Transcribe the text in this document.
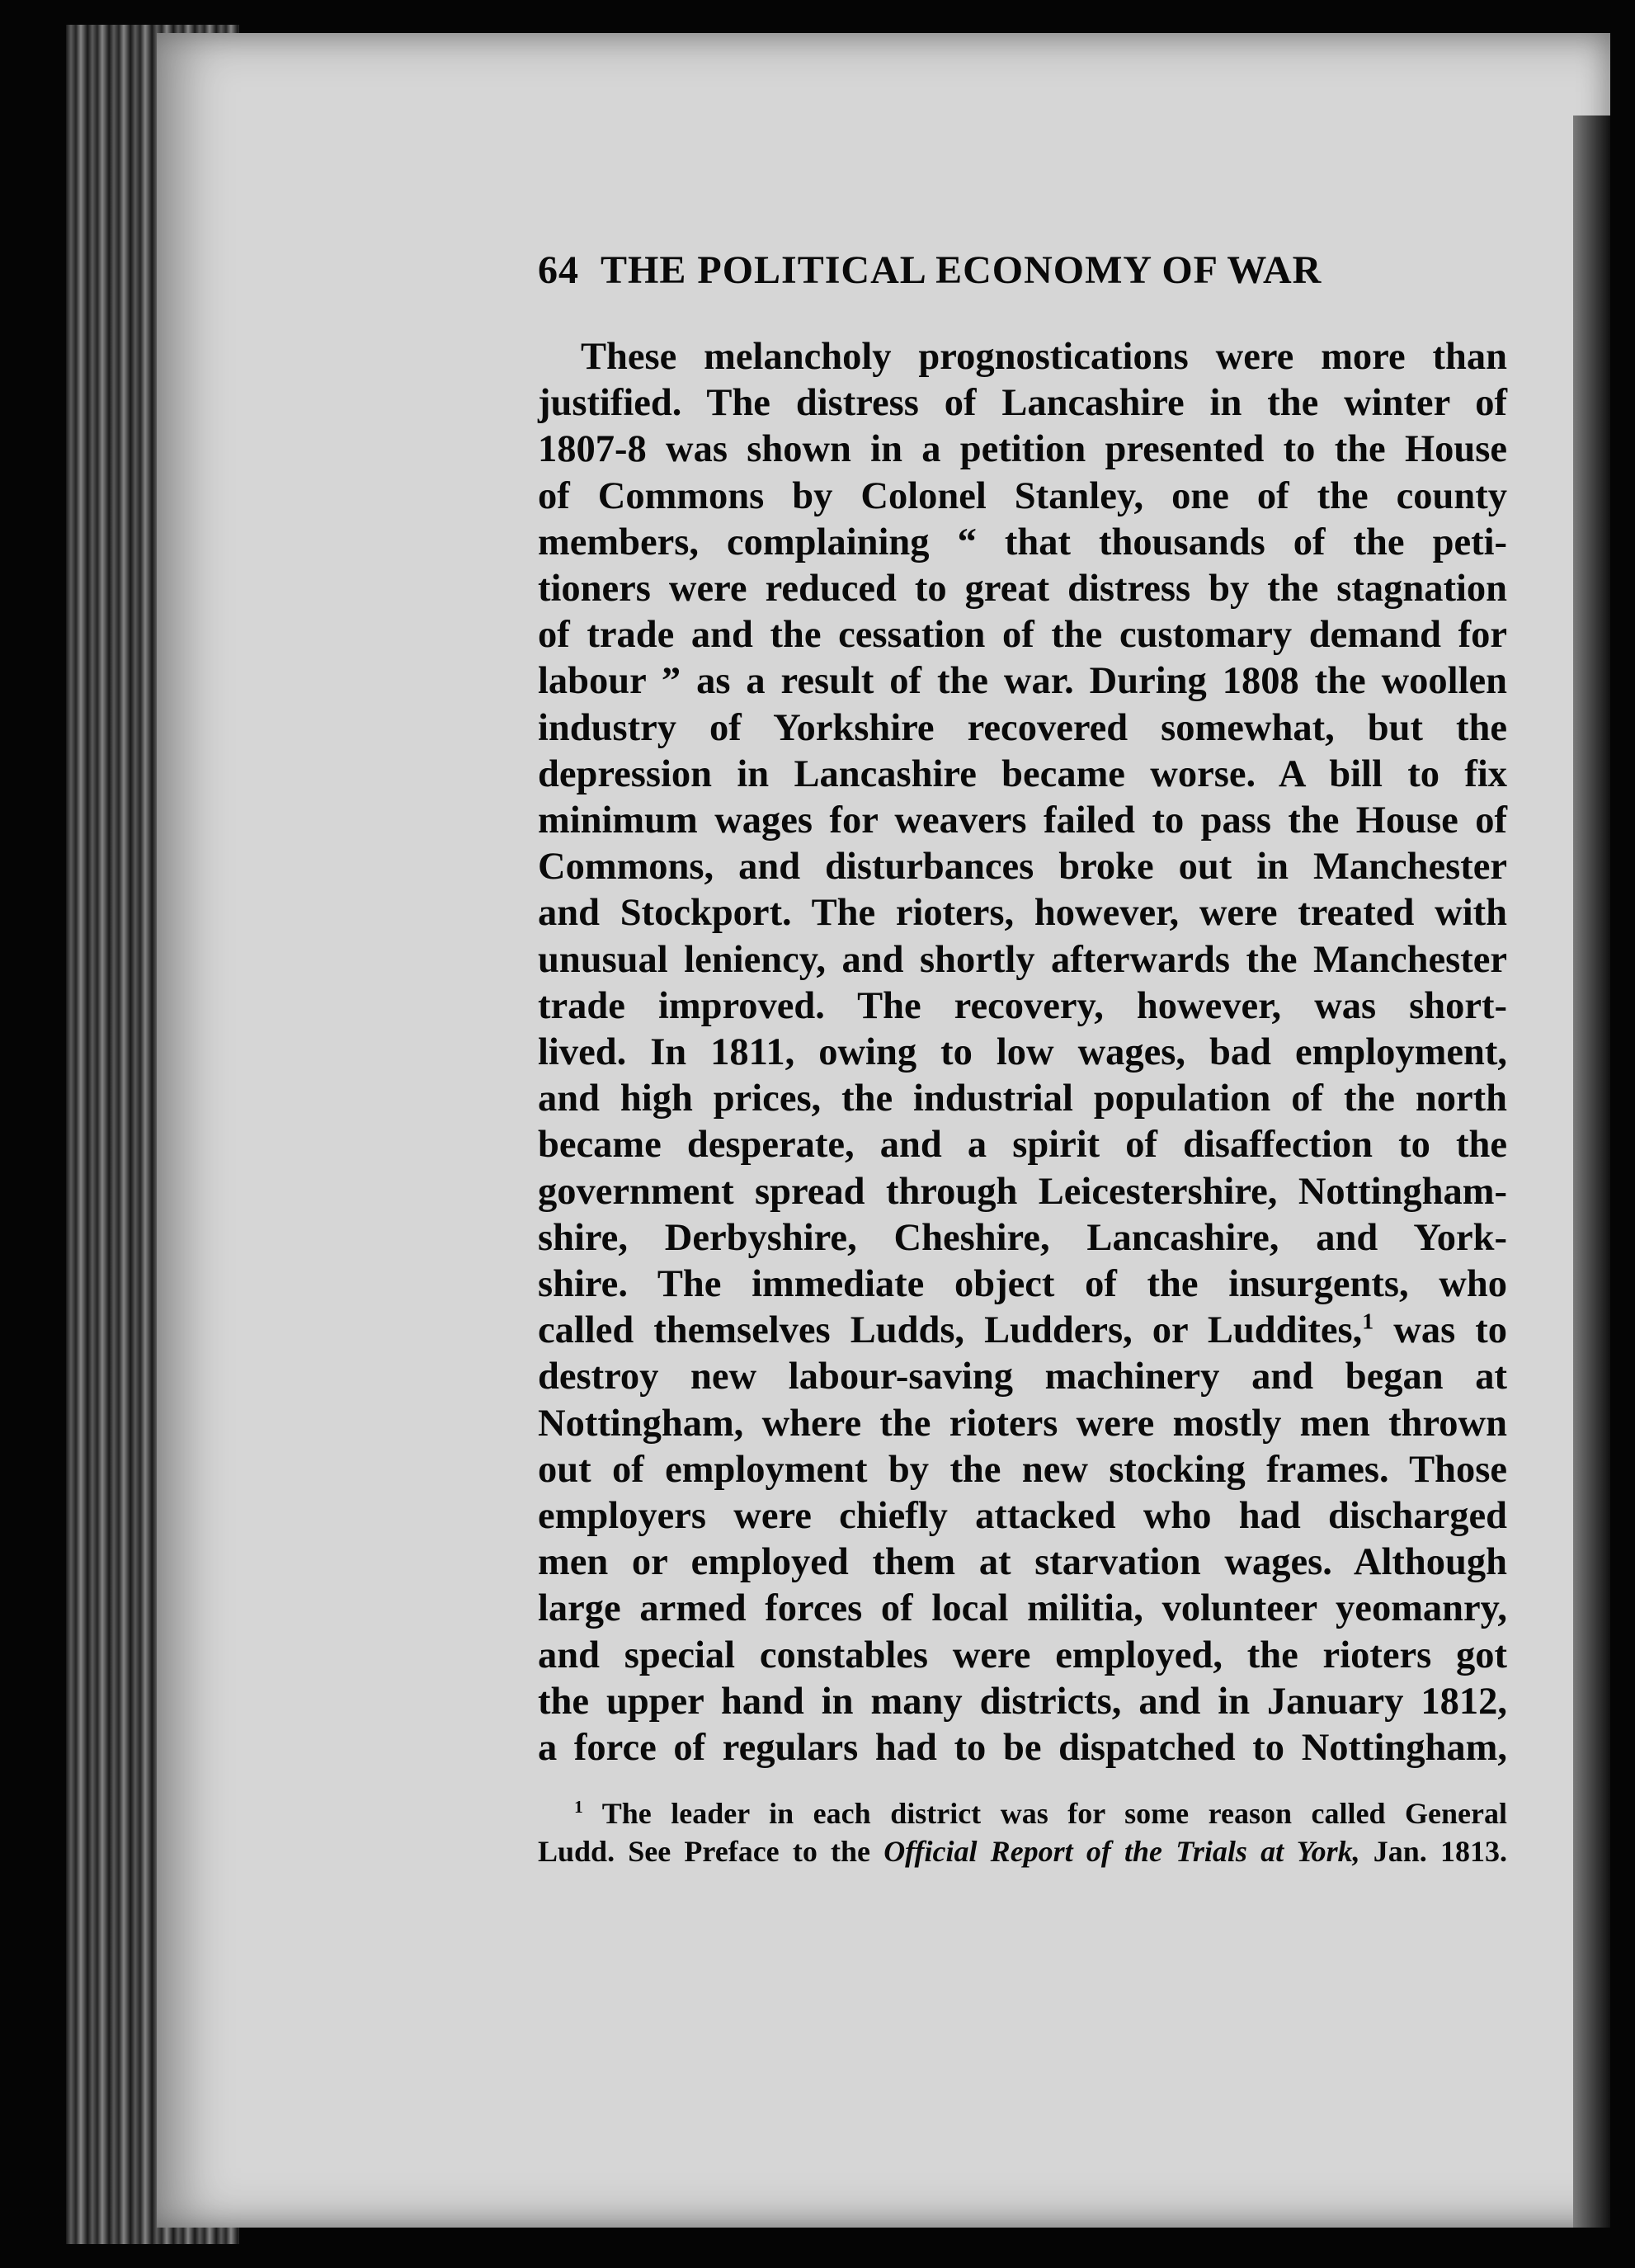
64 THE POLITICAL ECONOMY OF WAR
These melancholy prognostications were more than
justified. The distress of Lancashire in the winter of
1807-8 was shown in a petition presented to the House
of Commons by Colonel Stanley, one of the county
members, complaining “ that thousands of the peti-
tioners were reduced to great distress by the stagnation
of trade and the cessation of the customary demand for
labour ” as a result of the war. During 1808 the woollen
industry of Yorkshire recovered somewhat, but the
depression in Lancashire became worse. A bill to fix
minimum wages for weavers failed to pass the House of
Commons, and disturbances broke out in Manchester
and Stockport. The rioters, however, were treated with
unusual leniency, and shortly afterwards the Manchester
trade improved. The recovery, however, was short-
lived. In 1811, owing to low wages, bad employment,
and high prices, the industrial population of the north
became desperate, and a spirit of disaffection to the
government spread through Leicestershire, Nottingham-
shire, Derbyshire, Cheshire, Lancashire, and York-
shire. The immediate object of the insurgents, who
called themselves Ludds, Ludders, or Luddites,$^1$ was to
destroy new labour-saving machinery and began at
Nottingham, where the rioters were mostly men thrown
out of employment by the new stocking frames. Those
employers were chiefly attacked who had discharged
men or employed them at starvation wages. Although
large armed forces of local militia, volunteer yeomanry,
and special constables were employed, the rioters got
the upper hand in many districts, and in January 1812,
a force of regulars had to be dispatched to Nottingham,
$^1$ The leader in each district was for some reason called General
Ludd. See Preface to the Official Report of the Trials at York, Jan. 1813.
